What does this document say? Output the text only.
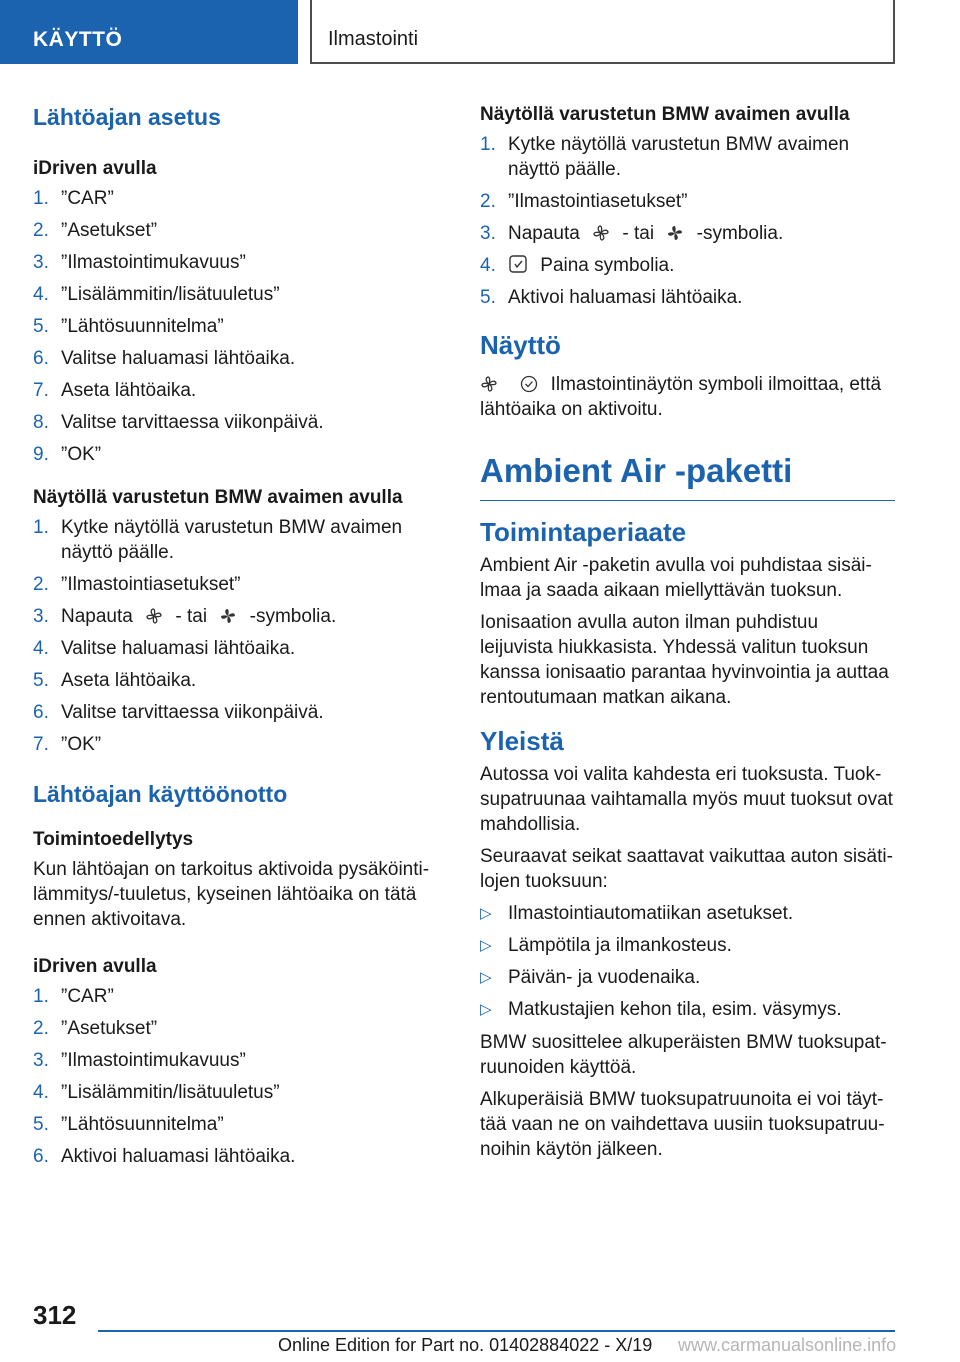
KÄYTTÖ	Ilmastointi
Lähtöajan asetus
iDriven avulla
1. ”CAR”
2. ”Asetukset”
3. ”Ilmastointimukavuus”
4. ”Lisälämmitin/lisätuuletus”
5. ”Lähtösuunnitelma”
6. Valitse haluamasi lähtöaika.
7. Aseta lähtöaika.
8. Valitse tarvittaessa viikonpäivä.
9. ”OK”
Näytöllä varustetun BMW avaimen avulla
1. Kytke näytöllä varustetun BMW avaimen näyttö päälle.
2. ”Ilmastointiasetukset”
3. Napauta - tai -symbolia.
4. Valitse haluamasi lähtöaika.
5. Aseta lähtöaika.
6. Valitse tarvittaessa viikonpäivä.
7. ”OK”
Lähtöajan käyttöönotto
Toimintoedellytys

Kun lähtöajan on tarkoitus aktivoida pysäköintilämmitys/-tuuletus, kyseinen lähtöaika on tätä ennen aktivoitava.

iDriven avulla
1. ”CAR”
2. ”Asetukset”
3. ”Ilmastointimukavuus”
4. ”Lisälämmitin/lisätuuletus”
5. ”Lähtösuunnitelma”
6. Aktivoi haluamasi lähtöaika.
Näytöllä varustetun BMW avaimen avulla
1. Kytke näytöllä varustetun BMW avaimen näyttö päälle.
2. ”Ilmastointiasetukset”
3. Napauta - tai -symbolia.
4. Paina symbolia.
5. Aktivoi haluamasi lähtöaika.
Näyttö

Ilmastointinäytön symboli ilmoittaa, että lähtöaika on aktivoitu.

Ambient Air -paketti
Toimintaperiaate

Ambient Air -paketin avulla voi puhdistaa sisäilmaa ja saada aikaan miellyttävän tuoksun.

Ionisaation avulla auton ilman puhdistuu leijuvista hiukkasista. Yhdessä valitun tuoksun kanssa ionisaatio parantaa hyvinvointia ja auttaa rentoutumaan matkan aikana.

Yleistä

Autossa voi valita kahdesta eri tuoksusta. Tuoksupatruunaa vaihtamalla myös muut tuoksut ovat mahdollisia.

Seuraavat seikat saattavat vaikuttaa auton sisätilojen tuoksuun:

▷ Ilmastointiautomatiikan asetukset.
▷ Lämpötila ja ilmankosteus.
▷ Päivän- ja vuodenaika.
▷ Matkustajien kehon tila, esim. väsymys.

BMW suosittelee alkuperäisten BMW tuoksupatruunoiden käyttöä.

Alkuperäisiä BMW tuoksupatruunoita ei voi täyttää vaan ne on vaihdettava uusiin tuoksupatruunoihin käytön jälkeen.

312
Online Edition for Part no. 01402884022 - X/19 www.carmanualsonline.info
